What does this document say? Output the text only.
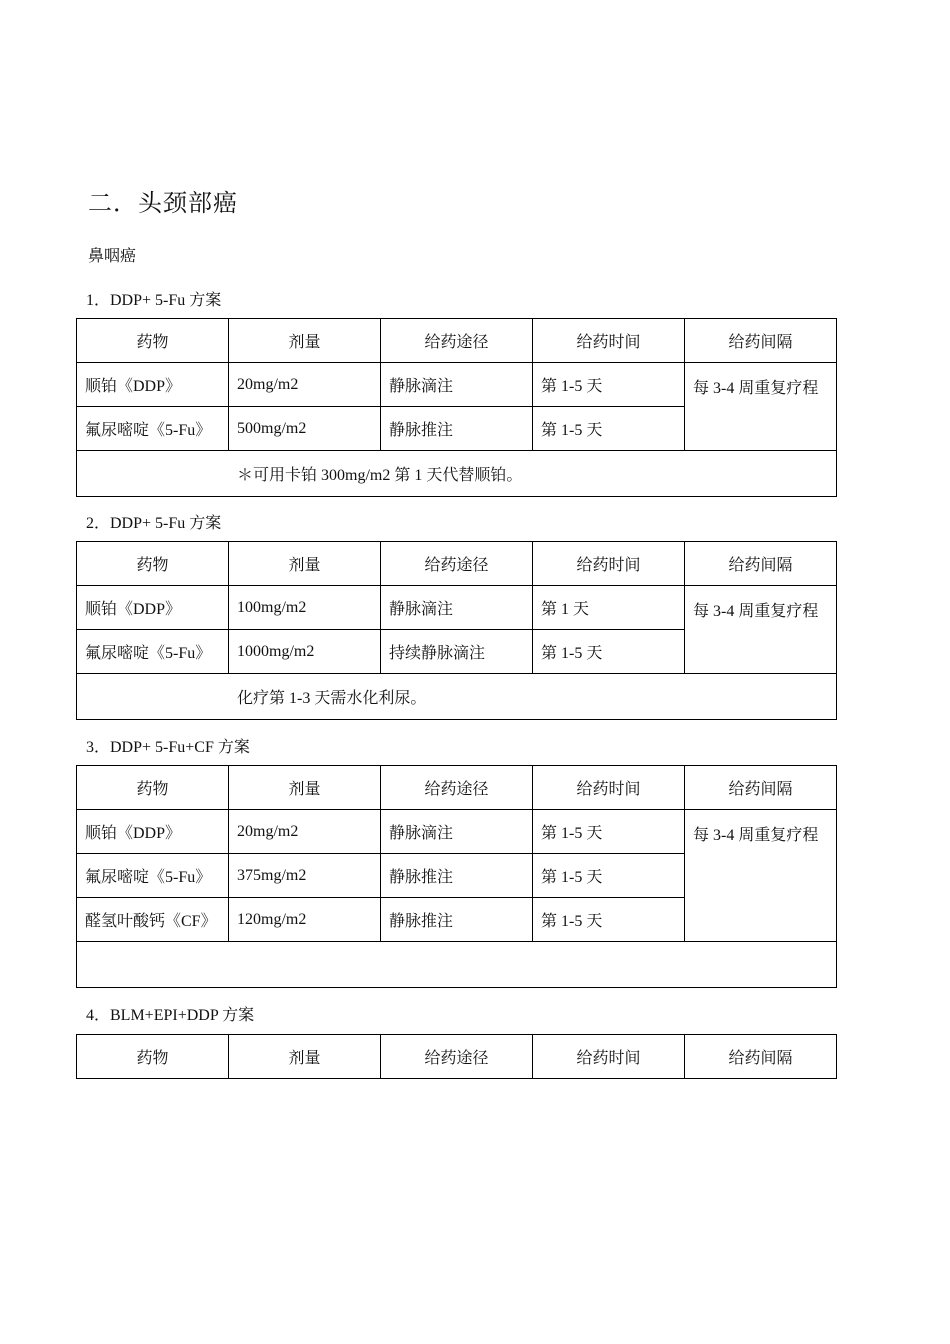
二．头颈部癌
鼻咽癌
1．DDP+ 5-Fu 方案
药物	剂量	给药途径	给药时间	给药间隔
顺铂《DDP》	20mg/m2	静脉滴注	第 1-5 天	每 3-4 周重复疗程
氟尿嘧啶《5-Fu》	500mg/m2	静脉推注	第 1-5 天	
＊可用卡铂 300mg/m2 第 1 天代替顺铂。				
2．DDP+ 5-Fu 方案
药物	剂量	给药途径	给药时间	给药间隔
顺铂《DDP》	100mg/m2	静脉滴注	第 1 天	每 3-4 周重复疗程
氟尿嘧啶《5-Fu》	1000mg/m2	持续静脉滴注	第 1-5 天	
化疗第 1-3 天需水化利尿。				
3．DDP+ 5-Fu+CF 方案
药物	剂量	给药途径	给药时间	给药间隔
顺铂《DDP》	20mg/m2	静脉滴注	第 1-5 天	每 3-4 周重复疗程
氟尿嘧啶《5-Fu》	375mg/m2	静脉推注	第 1-5 天	
醛氢叶酸钙《CF》	120mg/m2	静脉推注	第 1-5 天	

4．BLM+EPI+DDP 方案
药物	剂量	给药途径	给药时间	给药间隔
